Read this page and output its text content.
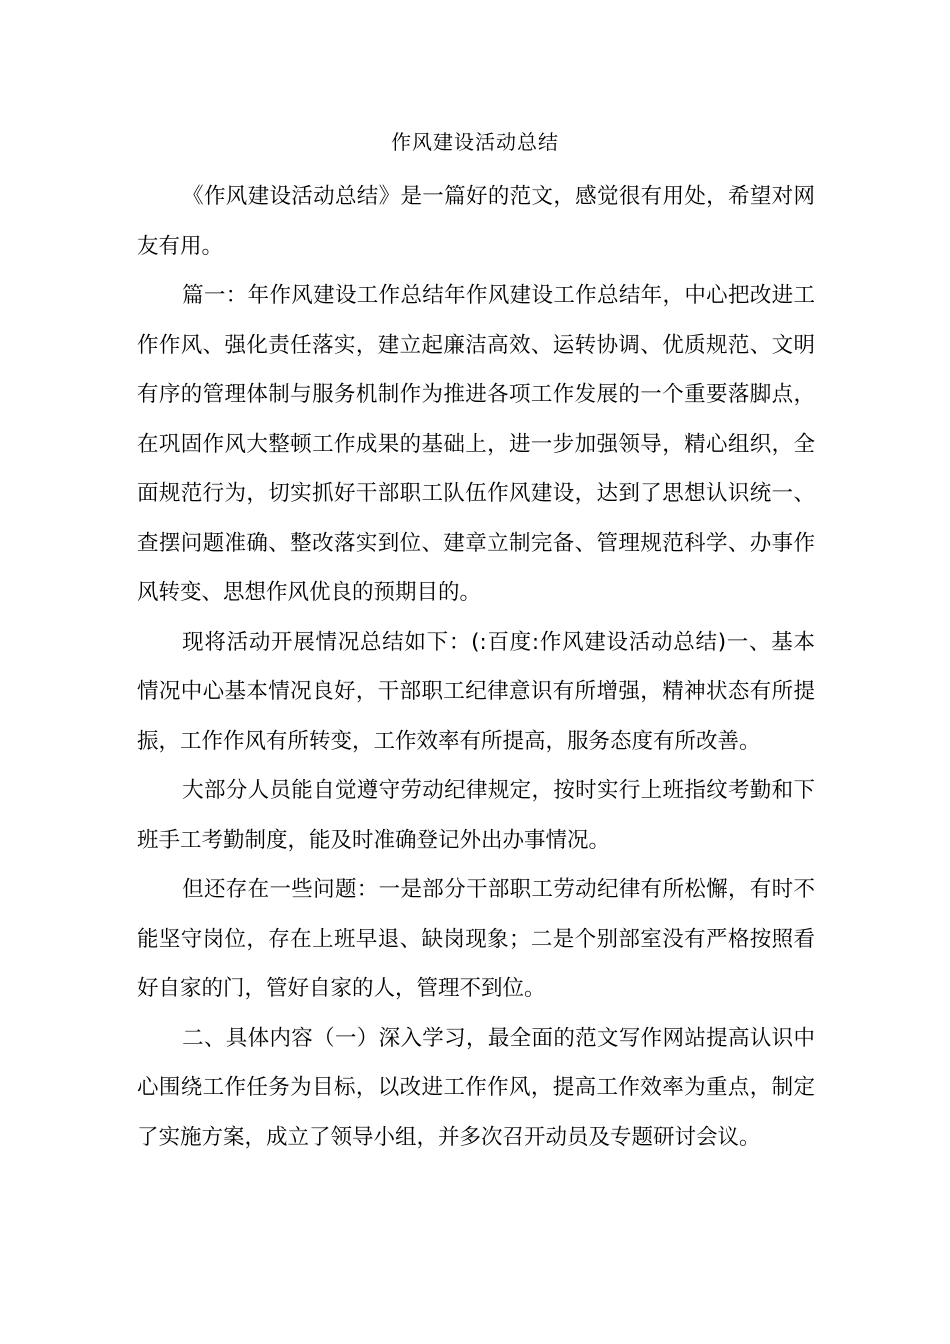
作风建设活动总结

《作风建设活动总结》是一篇好的范文，感觉很有用处，希望对网友有用。

篇一：年作风建设工作总结年作风建设工作总结年，中心把改进工作作风、强化责任落实，建立起廉洁高效、运转协调、优质规范、文明有序的管理体制与服务机制作为推进各项工作发展的一个重要落脚点，在巩固作风大整顿工作成果的基础上，进一步加强领导，精心组织，全面规范行为，切实抓好干部职工队伍作风建设，达到了思想认识统一、查摆问题准确、整改落实到位、建章立制完备、管理规范科学、办事作风转变、思想作风优良的预期目的。

现将活动开展情况总结如下：(:百度:作风建设活动总结)一、基本情况中心基本情况良好，干部职工纪律意识有所增强，精神状态有所提振，工作作风有所转变，工作效率有所提高，服务态度有所改善。

大部分人员能自觉遵守劳动纪律规定，按时实行上班指纹考勤和下班手工考勤制度，能及时准确登记外出办事情况。

但还存在一些问题：一是部分干部职工劳动纪律有所松懈，有时不能坚守岗位，存在上班早退、缺岗现象；二是个别部室没有严格按照看好自家的门，管好自家的人，管理不到位。

二、具体内容（一）深入学习，最全面的范文写作网站提高认识中心围绕工作任务为目标，以改进工作作风，提高工作效率为重点，制定了实施方案，成立了领导小组，并多次召开动员及专题研讨会议。
